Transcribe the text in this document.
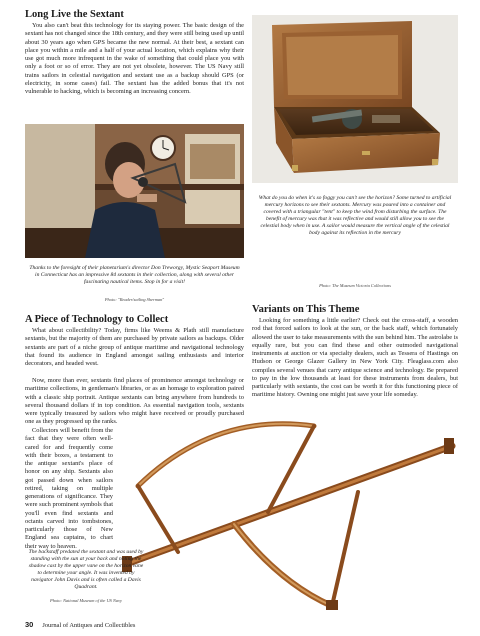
Long Live the Sextant

You also can't beat this technology for its staying power. The basic design of the sextant has not changed since the 18th century, and they were still being used up until about 30 years ago when GPS became the new normal. At their best, a sextant can place you within a mile and a half of your actual location, which explains why their use got much more infrequent in the wake of something that could place you with only a foot or so of error. They are not yet obsolete, however. The US Navy still trains sailors in celestial navigation and sextant use as a backup should GPS (or electricity, in some cases) fail. The sextant has the added bonus that it's not vulnerable to hacking, which is becoming an increasing concern.

What do you do when it's so foggy you can't see the horizon? Some turned to artificial mercury horizons to see their sextants. Mercury was poured into a container and covered with a triangular "tent" to keep the wind from disturbing the surface. The benefit of mercury was that it was reflective and would still allow you to see the celestial body when in use. A sailor would measure the vertical angle of the celestial body against its reflection in the mercury

Photo: The Museum Victoria Collections

Thanks to the foresight of their planetarium's director Don Treworgy, Mystic Seaport Museum in Connecticut has an impressive 84 sextants in their collection, along with several other fascinating nautical items. Stop in for a visit!

Photo: "Reader/sailing Sherman"

A Piece of Technology to Collect

What about collectibility? Today, firms like Weems & Plath still manufacture sextants, but the majority of them are purchased by private sailors as backups. Older sextants are part of a niche group of antique maritime and navigational technology that found its audience in England amongst sailing enthusiasts and interior decorators, and headed west.

Now, more than ever, sextants find places of prominence amongst technology or maritime collections, in gentleman's libraries, or as an homage to exploration paired with a classic ship portrait. Antique sextants can bring anywhere from hundreds to several thousand dollars if in top condition. As essential navigation tools, sextants were typically treasured by sailors who might have received or proudly purchased one as they progressed up the ranks.

Collectors will benefit from the fact that they were often well-cared for and frequently come with their boxes, a testament to the antique sextant's place of honor on any ship. Sextants also got passed down when sailors retired, taking on multiple generations of significance. They were such prominent symbols that you'll even find sextants and octants carved into tombstones, particularly those of New England sea captains, to chart their way to heaven.

Variants on This Theme

Looking for something a little earlier? Check out the cross-staff, a wooden rod that forced sailors to look at the sun, or the back staff, which fortunately allowed the user to take measurements with the sun behind him. The astrolabe is equally rare, but you can find these and other outmoded navigational instruments at auction or via specialty dealers, such as Tessera of Hastings on Hudson or George Glazer Gallery in New York City. Fleaglass.com also compiles several venues that carry antique science and technology. Be prepared to pay in the low thousands at least for these instruments from dealers, but particularly with sextants, the cost can be worth it for this functioning piece of maritime history. Owning one might just save your life someday.

The backstaff predated the sextant and was used by standing with the sun at your back and noting the shadow cast by the upper vane on the horizon vane to determine your angle. It was invented by navigator John Davis and is often called a Davis Quadrant.

Photo: National Museum of the US Navy

30 Journal of Antiques and Collectibles
